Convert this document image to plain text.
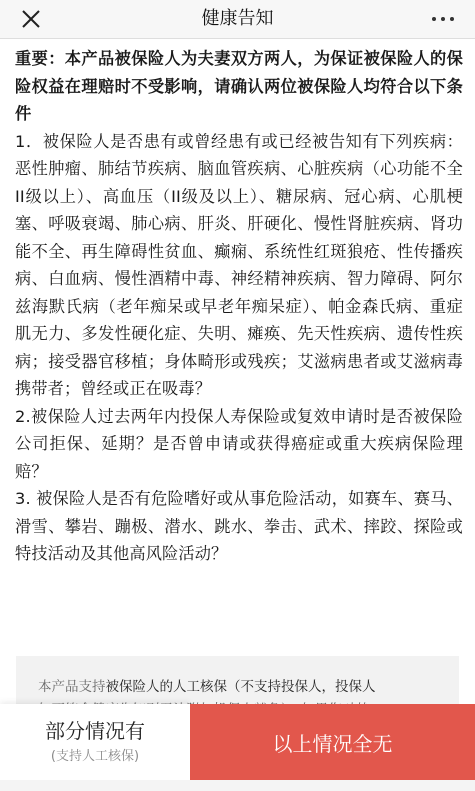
健康告知

重要：本产品被保险人为夫妻双方两人，为保证被保险人的保险权益在理赔时不受影响，请确认两位被保险人均符合以下条件

1．被保险人是否患有或曾经患有或已经被告知有下列疾病：恶性肿瘤、肺结节疾病、脑血管疾病、心脏疾病（心功能不全II级以上）、高血压（II级及以上）、糖尿病、冠心病、心肌梗塞、呼吸衰竭、肺心病、肝炎、肝硬化、慢性肾脏疾病、肾功能不全、再生障碍性贫血、癫痫、系统性红斑狼疮、性传播疾病、白血病、慢性酒精中毒、神经精神疾病、智力障碍、阿尔兹海默氏病（老年痴呆或早老年痴呆症）、帕金森氏病、重症肌无力、多发性硬化症、失明、瘫痪、先天性疾病、遗传性疾病；接受器官移植；身体畸形或残疾；艾滋病患者或艾滋病毒携带者；曾经或正在吸毒？

2.被保险人过去两年内投保人寿保险或复效申请时是否被保险公司拒保、延期？是否曾申请或获得癌症或重大疾病保险理赔？

3. 被保险人是否有危险嗜好或从事危险活动，如赛车、赛马、滑雪、攀岩、蹦极、潜水、跳水、拳击、武术、摔跤、探险或特技活动及其他高风险活动？

本产品支持被保险人的人工核保（不支持投保人，投保人

部分情况有
(支持人工核保)
以上情况全无
